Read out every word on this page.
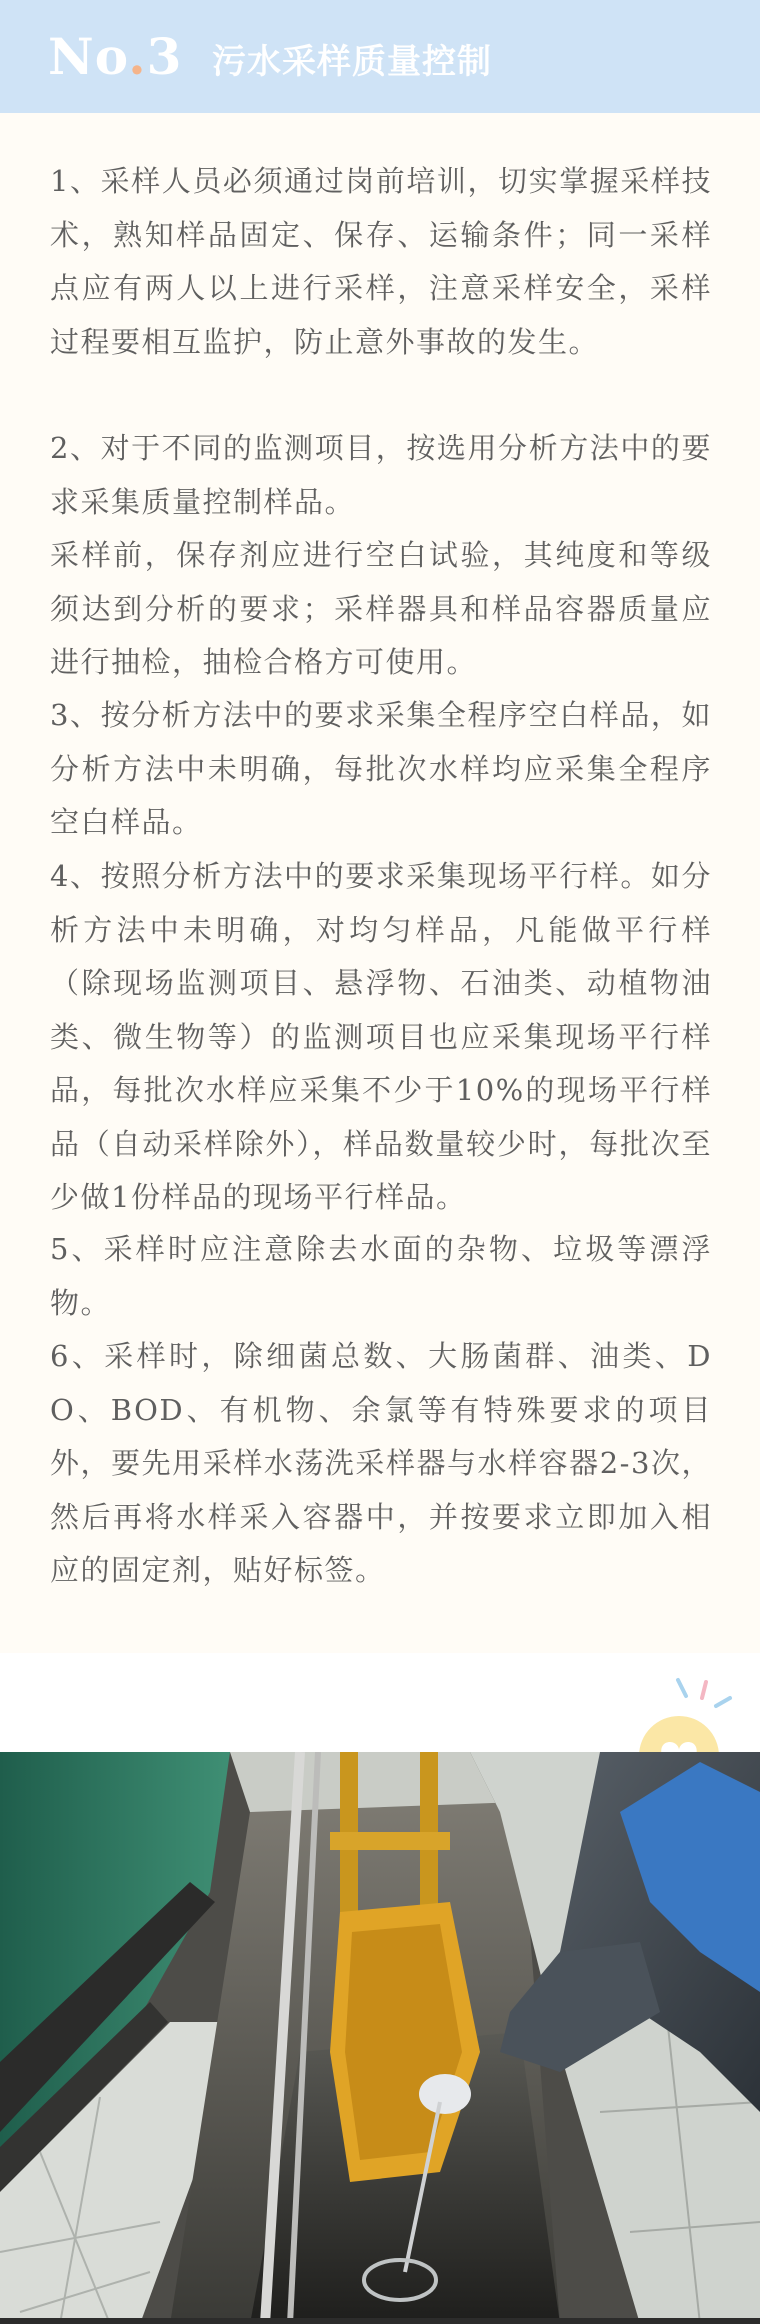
No.3 污水采样质量控制

1、采样人员必须通过岗前培训，切实掌握采样技术，熟知样品固定、保存、运输条件；同一采样点应有两人以上进行采样，注意采样安全，采样过程要相互监护，防止意外事故的发生。

2、对于不同的监测项目，按选用分析方法中的要求采集质量控制样品。

采样前，保存剂应进行空白试验，其纯度和等级须达到分析的要求；采样器具和样品容器质量应进行抽检，抽检合格方可使用。

3、按分析方法中的要求采集全程序空白样品，如分析方法中未明确，每批次水样均应采集全程序空白样品。

4、按照分析方法中的要求采集现场平行样。如分析方法中未明确，对均匀样品，凡能做平行样（除现场监测项目、悬浮物、石油类、动植物油类、微生物等）的监测项目也应采集现场平行样品，每批次水样应采集不少于10%的现场平行样品（自动采样除外），样品数量较少时，每批次至少做1份样品的现场平行样品。

5、采样时应注意除去水面的杂物、垃圾等漂浮物。

6、采样时，除细菌总数、大肠菌群、油类、DO、BOD、有机物、余氯等有特殊要求的项目外，要先用采样水荡洗采样器与水样容器2-3次，然后再将水样采入容器中，并按要求立即加入相应的固定剂，贴好标签。
